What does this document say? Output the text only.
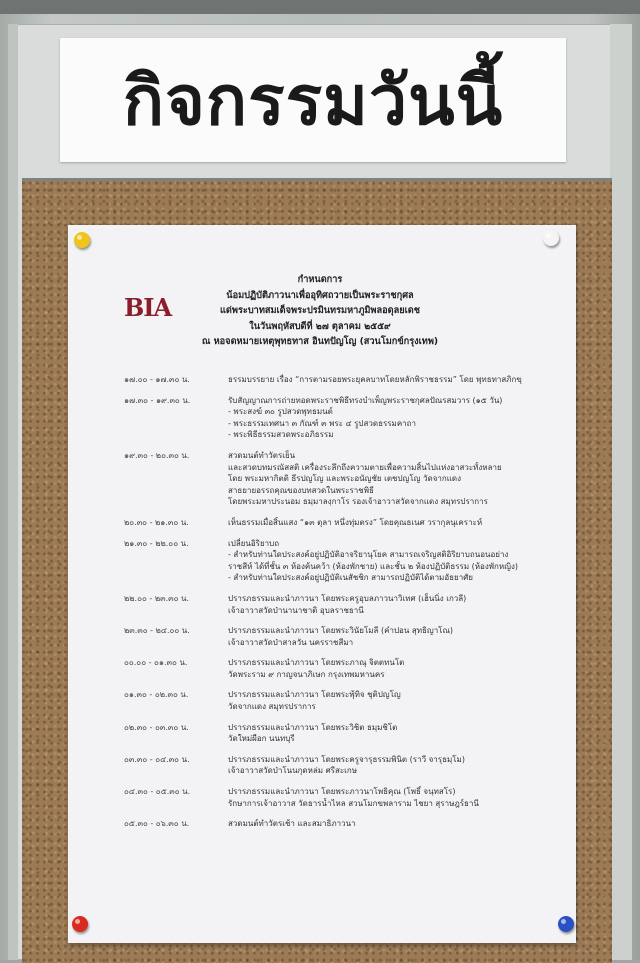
กิจกรรมวันนี้
BIA
กำหนดการ
น้อมปฏิบัติภาวนาเพื่ออุทิศถวายเป็นพระราชกุศล
แด่พระบาทสมเด็จพระปรมินทรมหาภูมิพลอดุลยเดช
ในวันพฤหัสบดีที่ ๒๗ ตุลาคม ๒๕๕๙
ณ หอจดหมายเหตุพุทธทาส อินทปัญโญ (สวนโมกข์กรุงเทพ)
๑๗.๐๐ - ๑๗.๓๐ น.	ธรรมบรรยาย เรื่อง “การตามรอยพระยุคลบาทโดยหลักพิราชธรรม” โดย พุทธทาสภิกขุ
๑๗.๓๐ - ๑๙.๓๐ น.	รับสัญญาณการถ่ายทอดพระราชพิธีทรงบำเพ็ญพระราชกุศลปัณรสมวาร (๑๕ วัน)
- พระสงฆ์ ๓๐ รูปสวดพุทธมนต์
- พระธรรมเทศนา ๓ กัณฑ์ ๓ พระ ๔ รูปสวดธรรมคาถา
- พระพิธีธรรมสวดพระอภิธรรม
๑๙.๓๐ - ๒๐.๓๐ น.	สวดมนต์ทำวัตรเย็น
และสวดบทมรณัสสติ เครื่องระลึกถึงความตายเพื่อความสิ้นไปแห่งอาสวะทั้งหลาย
โดย พระมหากิตติ ธีรปญโญ และพระอนัญชัย เตชปญโญ วัดจากแดง
สาธยายอรรถคุณของบทสวดในพระราชพิธี
โดยพระมหาประนอม ธมฺมาลงฺกาโร รองเจ้าอาวาสวัดจากแดง สมุทรปราการ
๒๐.๓๐ - ๒๑.๓๐ น.	เห็นธรรมเมื่อสิ้นแสง “๑๓ ตุลา หนึ่งทุ่มตรง” โดยคุณธเนศ วรากุลนุเคราะห์
๒๑.๓๐ - ๒๒.๐๐ น.	เปลี่ยนอิริยาบถ
- สำหรับท่านใดประสงค์อยู่ปฏิบัติอาจริยานุโยค สามารถเจริญสติอิริยาบถนอนอย่าง
ราชสีห์ ได้ที่ชั้น ๓ ห้องค้นคว้า (ห้องพักชาย) และชั้น ๒ ห้องปฏิบัติธรรม (ห้องพักหญิง)
- สำหรับท่านใดประสงค์อยู่ปฏิบัติเนสัชชิก สามารถปฏิบัติได้ตามอัธยาศัย
๒๒.๐๐ - ๒๓.๓๐ น.	ปรารภธรรมและนำภาวนา โดยพระครูอุบลภาวนาวิเทศ (เฮ็นนิ่ง เกวลี)
เจ้าอาวาสวัดป่านานาชาติ อุบลราชธานี
๒๓.๓๐ - ๒๔.๐๐ น.	ปรารภธรรมและนำภาวนา โดยพระวินัยโมลี (คำปอน สุทธิญาโณ)
เจ้าอาวาสวัดป่าสาลวัน นครราชสีมา
๐๐.๐๐ - ๐๑.๓๐ น.	ปรารภธรรมและนำภาวนา โดยพระภาณุ จิตตทนโต
วัดพระราม ๙ กาญจนาภิเษก กรุงเทพมหานคร
๐๑.๓๐ - ๐๒.๓๐ น.	ปรารภธรรมและนำภาวนา โดยพระพุ้ทิจ ชุติปญโญ
วัดจากแดง สมุทรปราการ
๐๒.๓๐ - ๐๓.๓๐ น.	ปรารภธรรมและนำภาวนา โดยพระวิชิต ธมฺมชิโต
วัดใหม่ผือก นนทบุรี
๐๓.๓๐ - ๐๔.๓๐ น.	ปรารภธรรมและนำภาวนา โดยพระครูจารุธรรมพินิต (ราวี จารุธมฺโม)
เจ้าอาวาสวัดป่าโนนกุดหล่ม ศรีสะเกษ
๐๔.๓๐ - ๐๕.๓๐ น.	ปรารภธรรมและนำภาวนา โดยพระภาวนาโพธิคุณ (โพธิ์ จนฺทสโร)
รักษาการเจ้าอาวาส วัดธารน้ำไหล สวนโมกขพลาราม ไชยา สุราษฎร์ธานี
๐๕.๓๐ - ๐๖.๓๐ น.	สวดมนต์ทำวัตรเช้า และสมาธิภาวนา
